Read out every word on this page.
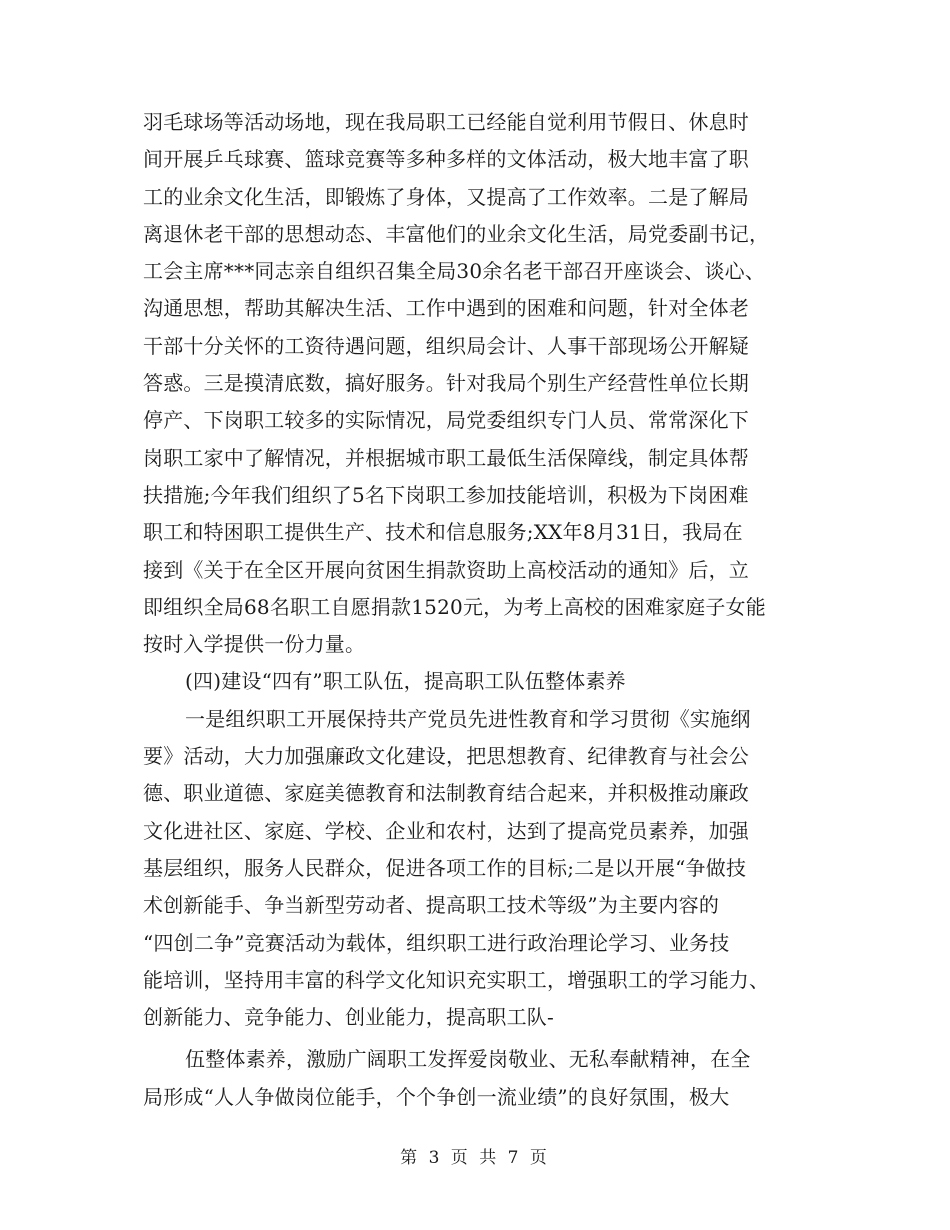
羽毛球场等活动场地，现在我局职工已经能自觉利用节假日、休息时
间开展乒乓球赛、篮球竞赛等多种多样的文体活动，极大地丰富了职
工的业余文化生活，即锻炼了身体，又提高了工作效率。二是了解局
离退休老干部的思想动态、丰富他们的业余文化生活，局党委副书记，
工会主席***同志亲自组织召集全局30余名老干部召开座谈会、谈心、
沟通思想，帮助其解决生活、工作中遇到的困难和问题，针对全体老
干部十分关怀的工资待遇问题，组织局会计、人事干部现场公开解疑
答惑。三是摸清底数，搞好服务。针对我局个别生产经营性单位长期
停产、下岗职工较多的实际情况，局党委组织专门人员、常常深化下
岗职工家中了解情况，并根据城市职工最低生活保障线，制定具体帮
扶措施;今年我们组织了5名下岗职工参加技能培训，积极为下岗困难
职工和特困职工提供生产、技术和信息服务;XX年8月31日，我局在
接到《关于在全区开展向贫困生捐款资助上高校活动的通知》后，立
即组织全局68名职工自愿捐款1520元，为考上高校的困难家庭子女能
按时入学提供一份力量。
(四)建设“四有”职工队伍，提高职工队伍整体素养
一是组织职工开展保持共产党员先进性教育和学习贯彻《实施纲
要》活动，大力加强廉政文化建设，把思想教育、纪律教育与社会公
德、职业道德、家庭美德教育和法制教育结合起来，并积极推动廉政
文化进社区、家庭、学校、企业和农村，达到了提高党员素养，加强
基层组织，服务人民群众，促进各项工作的目标;二是以开展“争做技
术创新能手、争当新型劳动者、提高职工技术等级”为主要内容的
“四创二争”竞赛活动为载体，组织职工进行政治理论学习、业务技
能培训，坚持用丰富的科学文化知识充实职工，增强职工的学习能力、
创新能力、竞争能力、创业能力，提高职工队-
伍整体素养，激励广阔职工发挥爱岗敬业、无私奉献精神，在全
局形成“人人争做岗位能手，个个争创一流业绩”的良好氛围，极大
第 3 页 共 7 页
